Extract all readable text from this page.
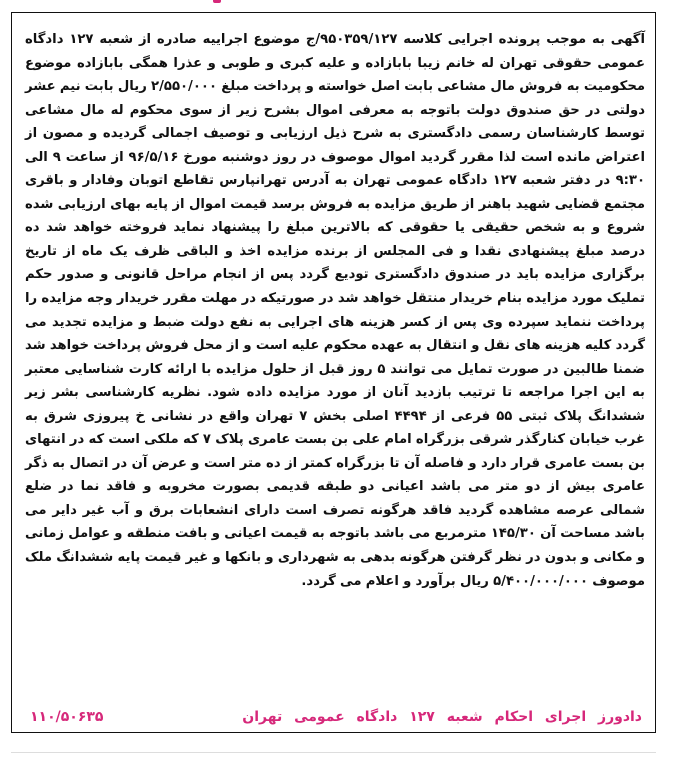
آگهی به موجب پرونده اجرایی کلاسه ۹۵۰۳۵۹/۱۲۷/ج موضوع اجراییه صادره از شعبه ۱۲۷ دادگاه عمومی حقوقی تهران له خانم زیبا بابازاده و علیه کبری و طوبی و عذرا همگی بابازاده موضوع محکومیت به فروش مال مشاعی بابت اصل خواسته و پرداخت مبلغ ۲/۵۵۰/۰۰۰ ریال بابت نیم عشر دولتی در حق صندوق دولت باتوجه به معرفی اموال بشرح زیر از سوی محکوم له مال مشاعی توسط کارشناسان رسمی دادگستری به شرح ذیل ارزیابی و توصیف اجمالی گردیده و مصون از اعتراض مانده است لذا مقرر گردید اموال موصوف در روز دوشنبه مورخ ۹۶/۵/۱۶ از ساعت ۹ الی ۹:۳۰ در دفتر شعبه ۱۲۷ دادگاه عمومی تهران به آدرس تهرانپارس تقاطع اتوبان وفادار و باقری مجتمع قضایی شهید باهنر از طریق مزایده به فروش برسد قیمت اموال از پایه بهای ارزیابی شده شروع و به شخص حقیقی یا حقوقی که بالاترین مبلغ را پیشنهاد نماید فروخته خواهد شد ده درصد مبلغ پیشنهادی نقدا و فی المجلس از برنده مزایده اخذ و الباقی ظرف یک ماه از تاریخ برگزاری مزایده باید در صندوق دادگستری تودیع گردد پس از انجام مراحل قانونی و صدور حکم تملیک مورد مزایده بنام خریدار منتقل خواهد شد در صورتیکه در مهلت مقرر خریدار وجه مزایده را پرداخت ننماید سپرده وی پس از کسر هزینه های اجرایی به نفع دولت ضبط و مزایده تجدید می گردد کلیه هزینه های نقل و انتقال به عهده محکوم علیه است و از محل فروش پرداخت خواهد شد ضمنا طالبین در صورت تمایل می توانند ۵ روز قبل از حلول مزایده با ارائه کارت شناسایی معتبر به این اجرا مراجعه تا ترتیب بازدید آنان از مورد مزایده داده شود. نظریه کارشناسی بشر زیر ششدانگ پلاک ثبتی ۵۵ فرعی از ۴۴۹۴ اصلی بخش ۷ تهران واقع در نشانی خ پیروزی شرق به غرب خیابان کنارگذر شرقی بزرگراه امام علی بن بست عامری پلاک ۷ که ملکی است که در انتهای بن بست عامری قرار دارد و فاصله آن تا بزرگراه کمتر از ده متر است و عرض آن در اتصال به ذگر عامری بیش از دو متر می باشد اعیانی دو طبقه قدیمی بصورت مخروبه و فاقد نما در ضلع شمالی عرصه مشاهده گردید فاقد هرگونه تصرف است دارای انشعابات برق و آب غیر دایر می باشد مساحت آن ۱۴۵/۳۰ مترمربع می باشد باتوجه به قیمت اعیانی و بافت منطقه و عوامل زمانی و مکانی و بدون در نظر گرفتن هرگونه بدهی به شهرداری و بانکها و غیر قیمت پایه ششدانگ ملک موصوف ۵/۴۰۰/۰۰۰/۰۰۰ ریال برآورد و اعلام می گردد.

دادورز اجرای احکام شعبه ۱۲۷ دادگاه عمومی تهران
۱۱۰/۵۰۶۳۵
